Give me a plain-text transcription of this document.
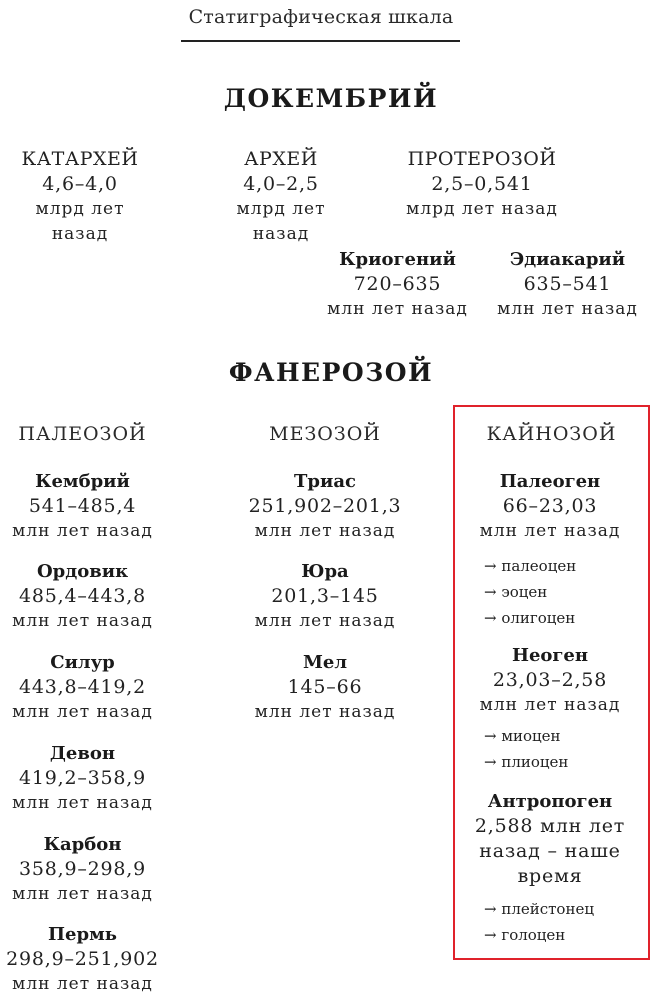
Статиграфическая шкала
ДОКЕМБРИЙ
КАТАРХЕЙ
4,6–4,0
млрд лет назад
АРХЕЙ
4,0–2,5
млрд лет назад
ПРОТЕРОЗОЙ
2,5–0,541
млрд лет назад
Криогений
720–635
млн лет назад
Эдиакарий
635–541
млн лет назад
ФАНЕРОЗОЙ
ПАЛЕОЗОЙ
Кембрий
541–485,4
млн лет назад
Ордовик
485,4–443,8
млн лет назад
Силур
443,8–419,2
млн лет назад
Девон
419,2–358,9
млн лет назад
Карбон
358,9–298,9
млн лет назад
Пермь
298,9–251,902
млн лет назад
МЕЗОЗОЙ
Триас
251,902–201,3
млн лет назад
Юра
201,3–145
млн лет назад
Мел
145–66
млн лет назад
КАЙНОЗОЙ
Палеоген
66–23,03
млн лет назад
→ палеоцен
→ эоцен
→ олигоцен
Неоген
23,03–2,58
млн лет назад
→ миоцен
→ плиоцен
Антропоген
2,588 млн лет
назад – наше
время
→ плейстонец
→ голоцен
